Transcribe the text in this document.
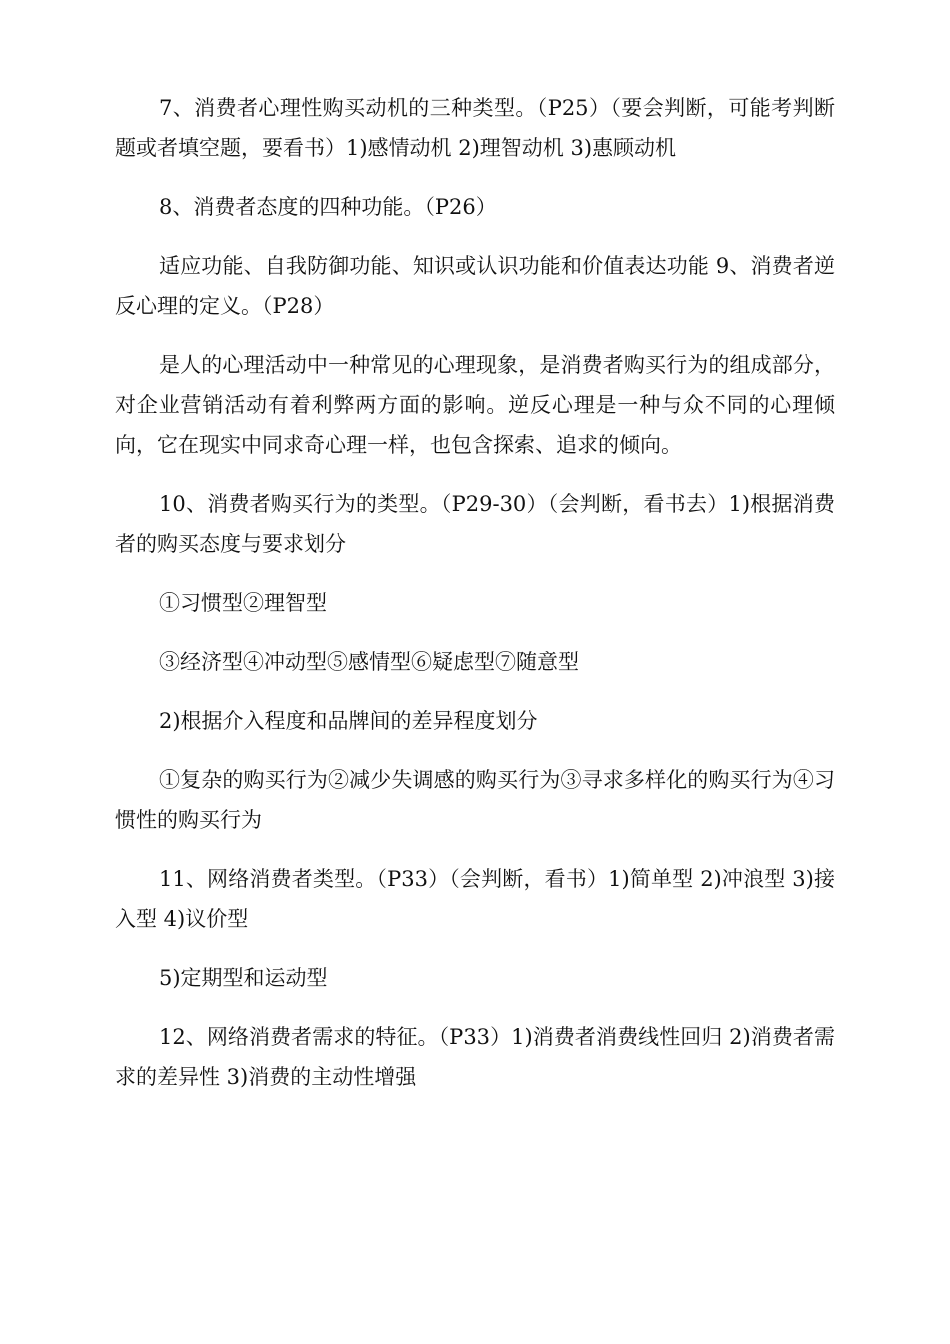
7、消费者心理性购买动机的三种类型。（P25）（要会判断，可能考判断题或者填空题，要看书）1)感情动机 2)理智动机 3)惠顾动机

8、消费者态度的四种功能。（P26）

适应功能、自我防御功能、知识或认识功能和价值表达功能 9、消费者逆反心理的定义。（P28）

是人的心理活动中一种常见的心理现象，是消费者购买行为的组成部分，对企业营销活动有着利弊两方面的影响。逆反心理是一种与众不同的心理倾向，它在现实中同求奇心理一样，也包含探索、追求的倾向。

10、消费者购买行为的类型。（P29-30）（会判断，看书去）1)根据消费者的购买态度与要求划分

①习惯型②理智型

③经济型④冲动型⑤感情型⑥疑虑型⑦随意型

2)根据介入程度和品牌间的差异程度划分

①复杂的购买行为②减少失调感的购买行为③寻求多样化的购买行为④习惯性的购买行为

11、网络消费者类型。（P33）（会判断，看书）1)简单型 2)冲浪型 3)接入型 4)议价型

5)定期型和运动型

12、网络消费者需求的特征。（P33）1)消费者消费线性回归 2)消费者需求的差异性 3)消费的主动性增强
